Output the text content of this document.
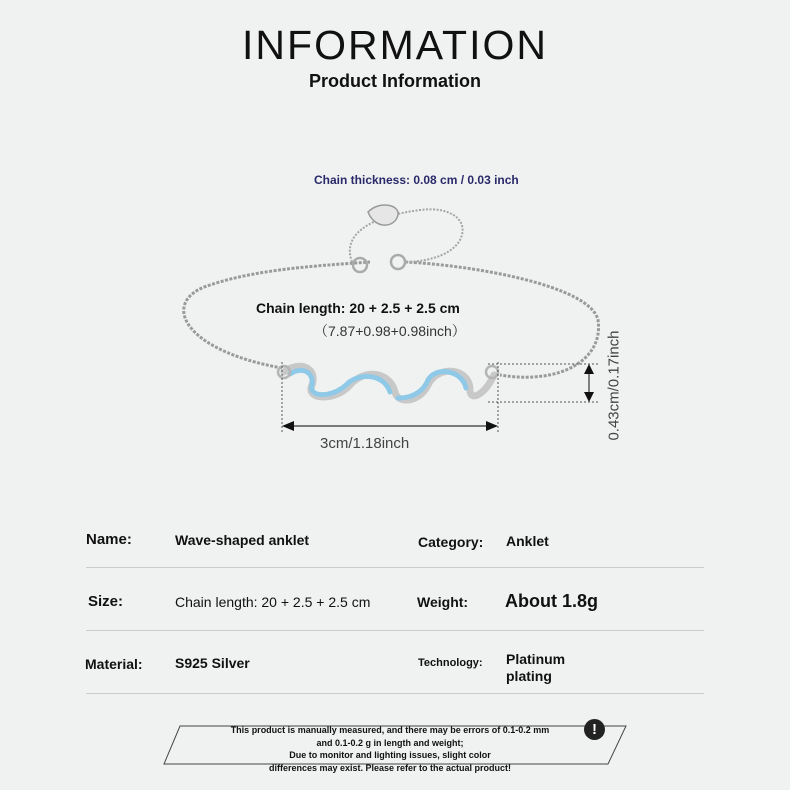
INFORMATION
Product Information
Chain thickness: 0.08 cm / 0.03 inch
Chain length: 20 + 2.5 + 2.5 cm
（7.87+0.98+0.98inch）
3cm/1.18inch
0.43cm/0.17inch
Name:	Wave-shaped anklet	Category: Anklet
Size:	Chain length: 20 + 2.5 + 2.5 cm	Weight: About 1.8g
Material: S925 Silver	Technology: Platinum plating
This product is manually measured, and there may be errors of 0.1-0.2 mm
and 0.1-0.2 g in length and weight;
Due to monitor and lighting issues, slight color
differences may exist. Please refer to the actual product!
!
